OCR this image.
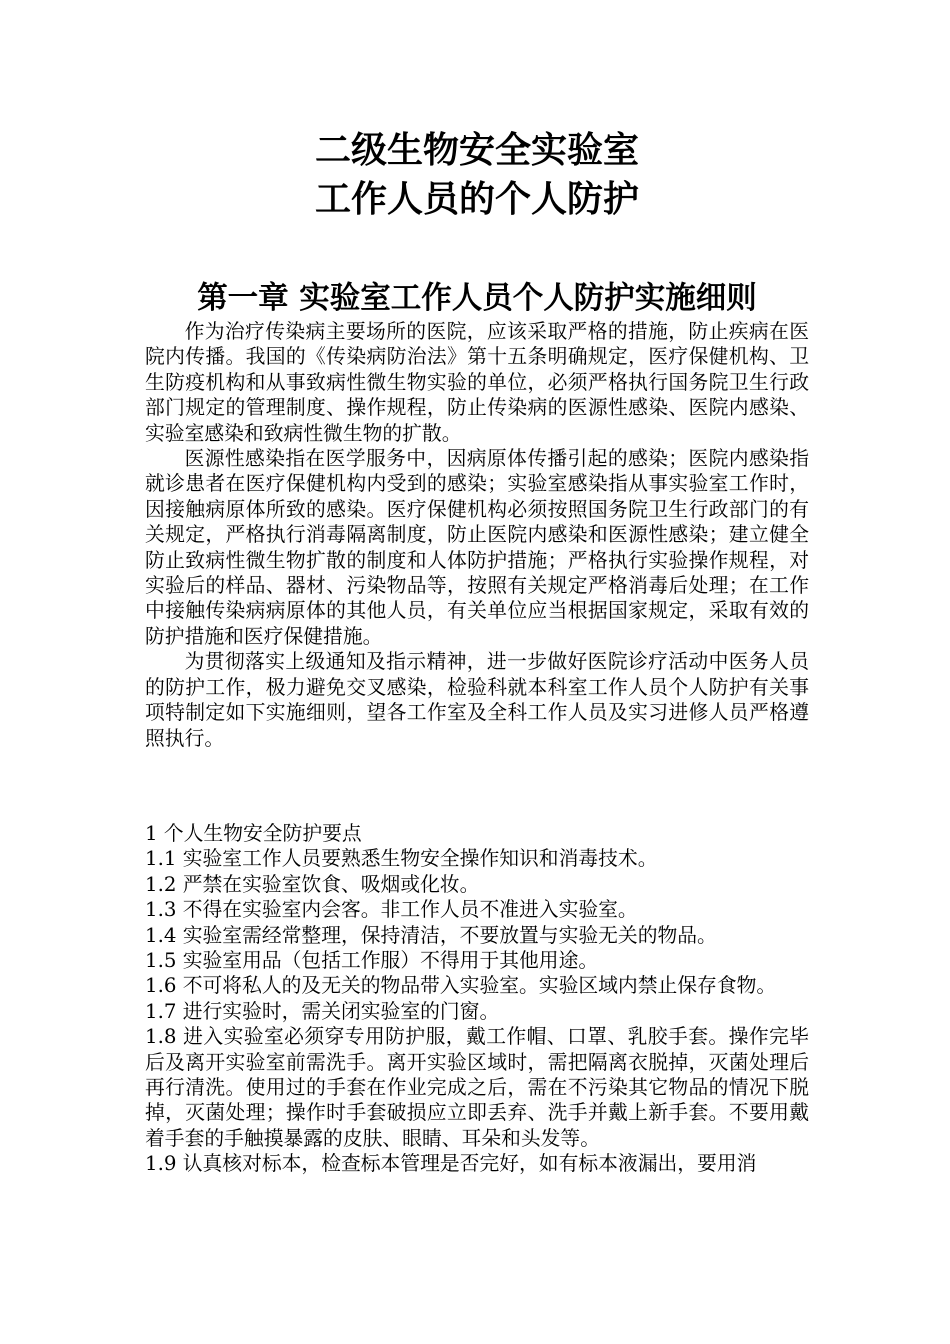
二级生物安全实验室
工作人员的个人防护
第一章 实验室工作人员个人防护实施细则

作为治疗传染病主要场所的医院，应该采取严格的措施，防止疾病在医院内传播。我国的《传染病防治法》第十五条明确规定，医疗保健机构、卫生防疫机构和从事致病性微生物实验的单位，必须严格执行国务院卫生行政部门规定的管理制度、操作规程，防止传染病的医源性感染、医院内感染、实验室感染和致病性微生物的扩散。

医源性感染指在医学服务中，因病原体传播引起的感染；医院内感染指就诊患者在医疗保健机构内受到的感染；实验室感染指从事实验室工作时，因接触病原体所致的感染。医疗保健机构必须按照国务院卫生行政部门的有关规定，严格执行消毒隔离制度，防止医院内感染和医源性感染；建立健全防止致病性微生物扩散的制度和人体防护措施；严格执行实验操作规程，对实验后的样品、器材、污染物品等，按照有关规定严格消毒后处理；在工作中接触传染病病原体的其他人员，有关单位应当根据国家规定，采取有效的防护措施和医疗保健措施。

为贯彻落实上级通知及指示精神，进一步做好医院诊疗活动中医务人员的防护工作，极力避免交叉感染，检验科就本科室工作人员个人防护有关事项特制定如下实施细则，望各工作室及全科工作人员及实习进修人员严格遵照执行。

1 个人生物安全防护要点

1.1 实验室工作人员要熟悉生物安全操作知识和消毒技术。

1.2 严禁在实验室饮食、吸烟或化妆。

1.3 不得在实验室内会客。非工作人员不准进入实验室。

1.4 实验室需经常整理，保持清洁，不要放置与实验无关的物品。

1.5 实验室用品（包括工作服）不得用于其他用途。

1.6 不可将私人的及无关的物品带入实验室。实验区域内禁止保存食物。

1.7 进行实验时，需关闭实验室的门窗。

1.8 进入实验室必须穿专用防护服，戴工作帽、口罩、乳胶手套。操作完毕后及离开实验室前需洗手。离开实验区域时，需把隔离衣脱掉，灭菌处理后再行清洗。使用过的手套在作业完成之后，需在不污染其它物品的情况下脱掉，灭菌处理；操作时手套破损应立即丢弃、洗手并戴上新手套。不要用戴着手套的手触摸暴露的皮肤、眼睛、耳朵和头发等。

1.9 认真核对标本，检查标本管理是否完好，如有标本液漏出，要用消
